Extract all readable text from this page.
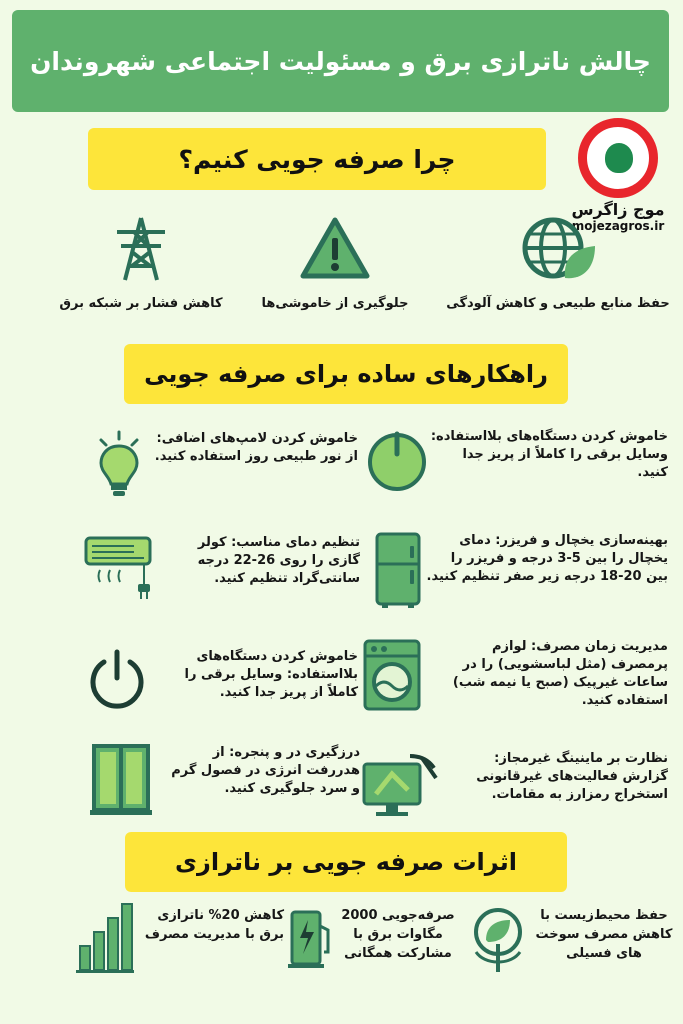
چالش ناترازی برق و مسئولیت اجتماعی شهروندان
موج زاگرس
mojezagros.ir
چرا صرفه جویی کنیم؟
حفظ منابع طبیعی و کاهش آلودگی
جلوگیری از خاموشی‌ها
کاهش فشار بر شبکه برق
راهکارهای ساده برای صرفه جویی
خاموش کردن دستگاه‌های بلااستفاده: وسایل برقی را کاملاً از پریز جدا کنید.
خاموش کردن لامپ‌های اضافی: از نور طبیعی روز استفاده کنید.
بهینه‌سازی یخچال و فریزر: دمای یخچال را بین 5-3 درجه و فریزر را بین 20-18 درجه زیر صفر تنظیم کنید.
تنظیم دمای مناسب: کولر گازی را روی 26-22 درجه سانتی‌گراد تنظیم کنید.
مدیریت زمان مصرف: لوازم پرمصرف (مثل لباسشویی) را در ساعات غیرپیک (صبح یا نیمه شب) استفاده کنید.
خاموش کردن دستگاه‌های بلااستفاده: وسایل برقی را کاملاً از پریز جدا کنید.
نظارت بر ماینینگ غیرمجاز: گزارش فعالیت‌های غیرقانونی استخراج رمزارز به مقامات.
درزگیری در و پنجره: از هدررفت انرژی در فصول گرم و سرد جلوگیری کنید.
اثرات صرفه جویی بر ناترازی
حفظ محیط‌زیست با کاهش مصرف سوخت های فسیلی
صرفه‌جویی 2000 مگاوات برق با مشارکت همگانی
کاهش 20% ناترازی برق با مدیریت مصرف
